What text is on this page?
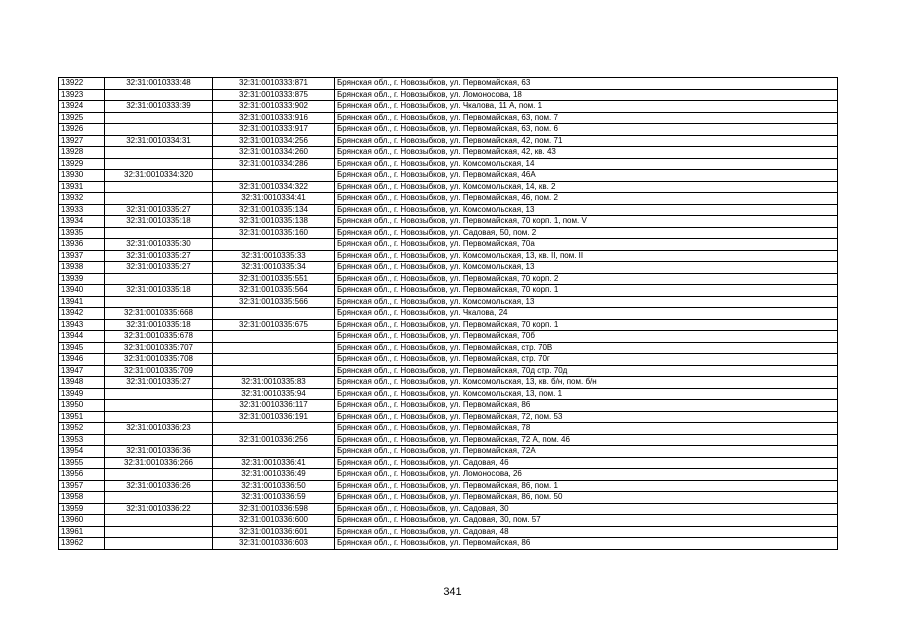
13922	32:31:0010333:48	32:31:0010333:871	Брянская обл., г. Новозыбков, ул. Первомайская, 63
13923		32:31:0010333:875	Брянская обл., г. Новозыбков, ул. Ломоносова, 18
13924	32:31:0010333:39	32:31:0010333:902	Брянская обл., г. Новозыбков, ул. Чкалова, 11 А, пом. 1
13925		32:31:0010333:916	Брянская обл., г. Новозыбков, ул. Первомайская, 63, пом. 7
13926		32:31:0010333:917	Брянская обл., г. Новозыбков, ул. Первомайская, 63, пом. 6
13927	32:31:0010334:31	32:31:0010334:256	Брянская обл., г. Новозыбков, ул. Первомайская, 42, пом. 71
13928		32:31:0010334:260	Брянская обл., г. Новозыбков, ул. Первомайская, 42, кв. 43
13929		32:31:0010334:286	Брянская обл., г. Новозыбков, ул. Комсомольская, 14
13930	32:31:0010334:320		Брянская обл., г. Новозыбков, ул. Первомайская, 46А
13931		32:31:0010334:322	Брянская обл., г. Новозыбков, ул. Комсомольская, 14, кв. 2
13932		32:31:0010334:41	Брянская обл., г. Новозыбков, ул. Первомайская, 46, пом. 2
13933	32:31:0010335:27	32:31:0010335:134	Брянская обл., г. Новозыбков, ул. Комсомольская, 13
13934	32:31:0010335:18	32:31:0010335:138	Брянская обл., г. Новозыбков, ул. Первомайская, 70 корп. 1, пом. V
13935		32:31:0010335:160	Брянская обл., г. Новозыбков, ул. Садовая, 50, пом. 2
13936	32:31:0010335:30		Брянская обл., г. Новозыбков, ул. Первомайская, 70а
13937	32:31:0010335:27	32:31:0010335:33	Брянская обл., г. Новозыбков, ул. Комсомольская, 13, кв. II, пом. II
13938	32:31:0010335:27	32:31:0010335:34	Брянская обл., г. Новозыбков, ул. Комсомольская, 13
13939		32:31:0010335:551	Брянская обл., г. Новозыбков, ул. Первомайская, 70 корп. 2
13940	32:31:0010335:18	32:31:0010335:564	Брянская обл., г. Новозыбков, ул. Первомайская, 70 корп. 1
13941		32:31:0010335:566	Брянская обл., г. Новозыбков, ул. Комсомольская, 13
13942	32:31:0010335:668		Брянская обл., г. Новозыбков, ул. Чкалова, 24
13943	32:31:0010335:18	32:31:0010335:675	Брянская обл., г. Новозыбков, ул. Первомайская, 70 корп. 1
13944	32:31:0010335:678		Брянская обл., г. Новозыбков, ул. Первомайская, 70б
13945	32:31:0010335:707		Брянская обл., г. Новозыбков, ул. Первомайская, стр. 70В
13946	32:31:0010335:708		Брянская обл., г. Новозыбков, ул. Первомайская, стр. 70г
13947	32:31:0010335:709		Брянская обл., г. Новозыбков, ул. Первомайская, 70д стр. 70д
13948	32:31:0010335:27	32:31:0010335:83	Брянская обл., г. Новозыбков, ул. Комсомольская, 13, кв. б/н, пом. б/н
13949		32:31:0010335:94	Брянская обл., г. Новозыбков, ул. Комсомольская, 13, пом. 1
13950		32:31:0010336:117	Брянская обл., г. Новозыбков, ул. Первомайская, 86
13951		32:31:0010336:191	Брянская обл., г. Новозыбков, ул. Первомайская, 72, пом. 53
13952	32:31:0010336:23		Брянская обл., г. Новозыбков, ул. Первомайская, 78
13953		32:31:0010336:256	Брянская обл., г. Новозыбков, ул. Первомайская, 72 А, пом. 46
13954	32:31:0010336:36		Брянская обл., г. Новозыбков, ул. Первомайская, 72А
13955	32:31:0010336:266	32:31:0010336:41	Брянская обл., г. Новозыбков, ул. Садовая, 46
13956		32:31:0010336:49	Брянская обл., г. Новозыбков, ул. Ломоносова, 26
13957	32:31:0010336:26	32:31:0010336:50	Брянская обл., г. Новозыбков, ул. Первомайская, 86, пом. 1
13958		32:31:0010336:59	Брянская обл., г. Новозыбков, ул. Первомайская, 86, пом. 50
13959	32:31:0010336:22	32:31:0010336:598	Брянская обл., г. Новозыбков, ул. Садовая, 30
13960		32:31:0010336:600	Брянская обл., г. Новозыбков, ул. Садовая, 30, пом. 57
13961		32:31:0010336:601	Брянская обл., г. Новозыбков, ул. Садовая, 48
13962		32:31:0010336:603	Брянская обл., г. Новозыбков, ул. Первомайская, 86
341
